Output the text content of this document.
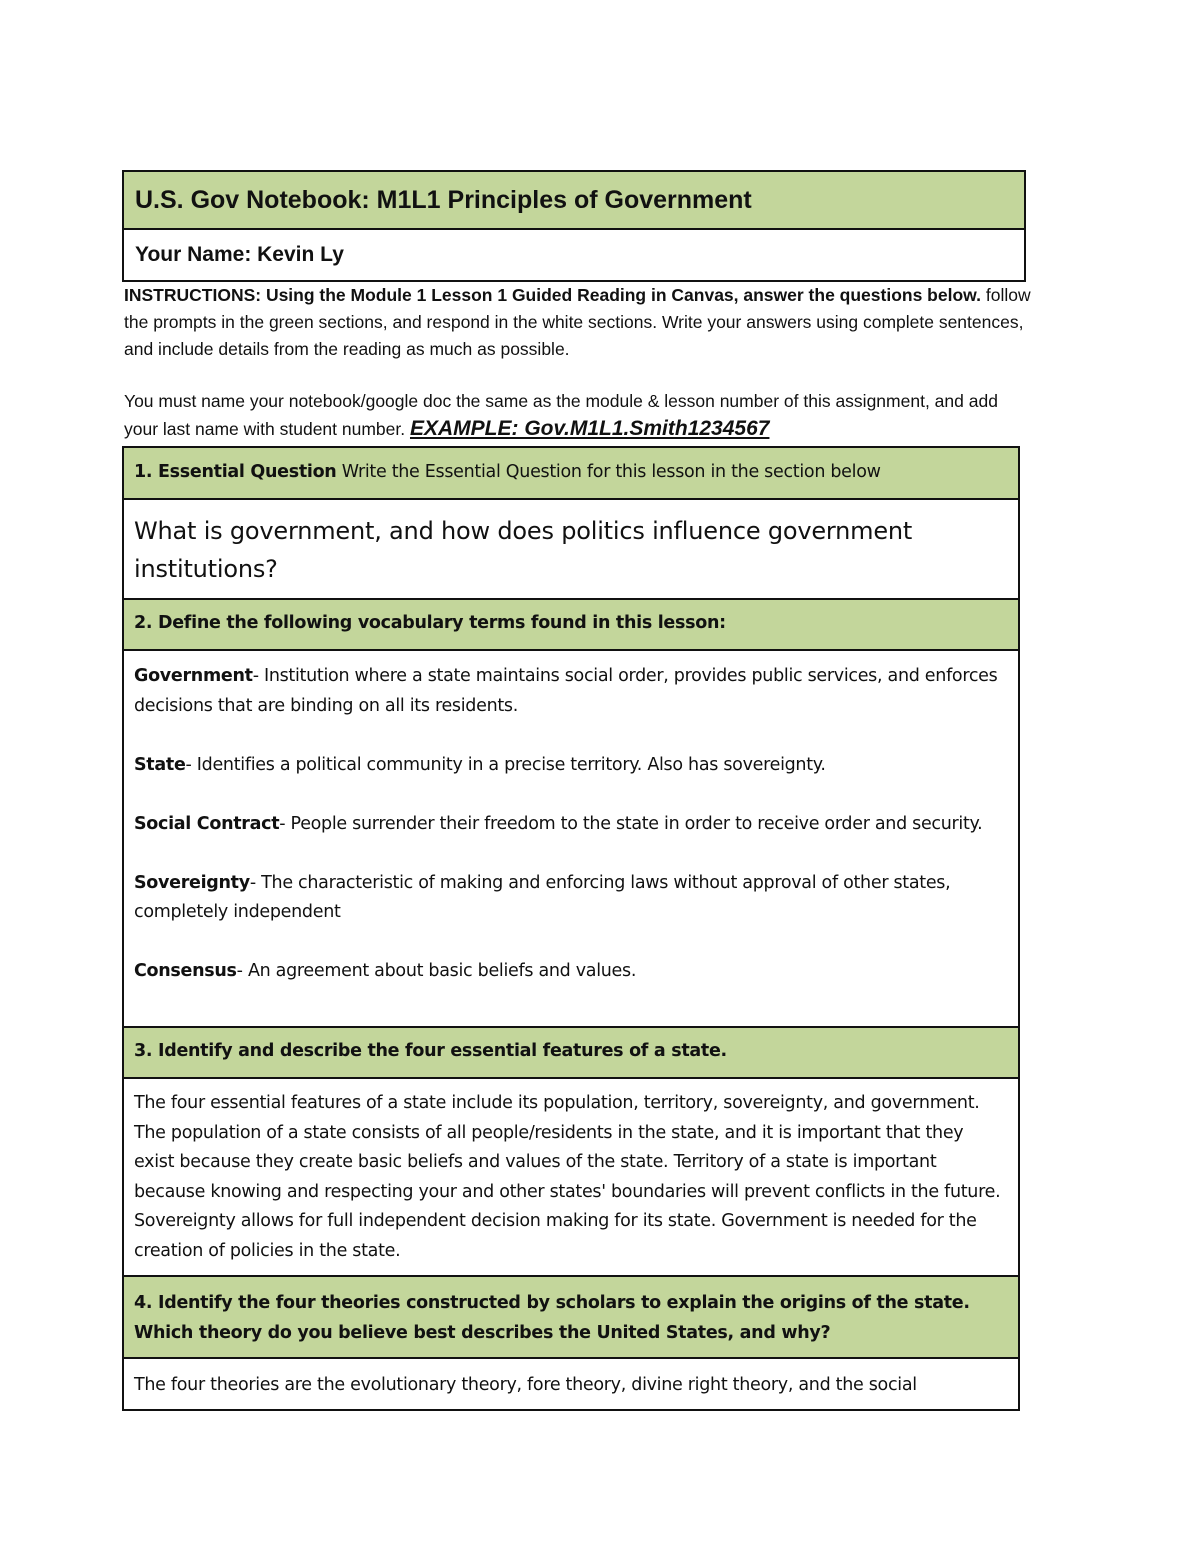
U.S. Gov Notebook: M1L1 Principles of Government
Your Name: Kevin Ly

INSTRUCTIONS: Using the Module 1 Lesson 1 Guided Reading in Canvas, answer the questions below. follow the prompts in the green sections, and respond in the white sections. Write your answers using complete sentences, and include details from the reading as much as possible.

You must name your notebook/google doc the same as the module & lesson number of this assignment, and add your last name with student number. EXAMPLE: Gov.M1L1.Smith1234567

1. Essential Question Write the Essential Question for this lesson in the section below
What is government, and how does politics influence government institutions?
2. Define the following vocabulary terms found in this lesson:
Government- Institution where a state maintains social order, provides public services, and enforces decisions that are binding on all its residents.
State- Identifies a political community in a precise territory. Also has sovereignty.
Social Contract- People surrender their freedom to the state in order to receive order and security.
Sovereignty- The characteristic of making and enforcing laws without approval of other states, completely independent
Consensus- An agreement about basic beliefs and values.
3. Identify and describe the four essential features of a state.
The four essential features of a state include its population, territory, sovereignty, and government. The population of a state consists of all people/residents in the state, and it is important that they exist because they create basic beliefs and values of the state. Territory of a state is important because knowing and respecting your and other states' boundaries will prevent conflicts in the future. Sovereignty allows for full independent decision making for its state. Government is needed for the creation of policies in the state.
4. Identify the four theories constructed by scholars to explain the origins of the state. Which theory do you believe best describes the United States, and why?
The four theories are the evolutionary theory, fore theory, divine right theory, and the social
